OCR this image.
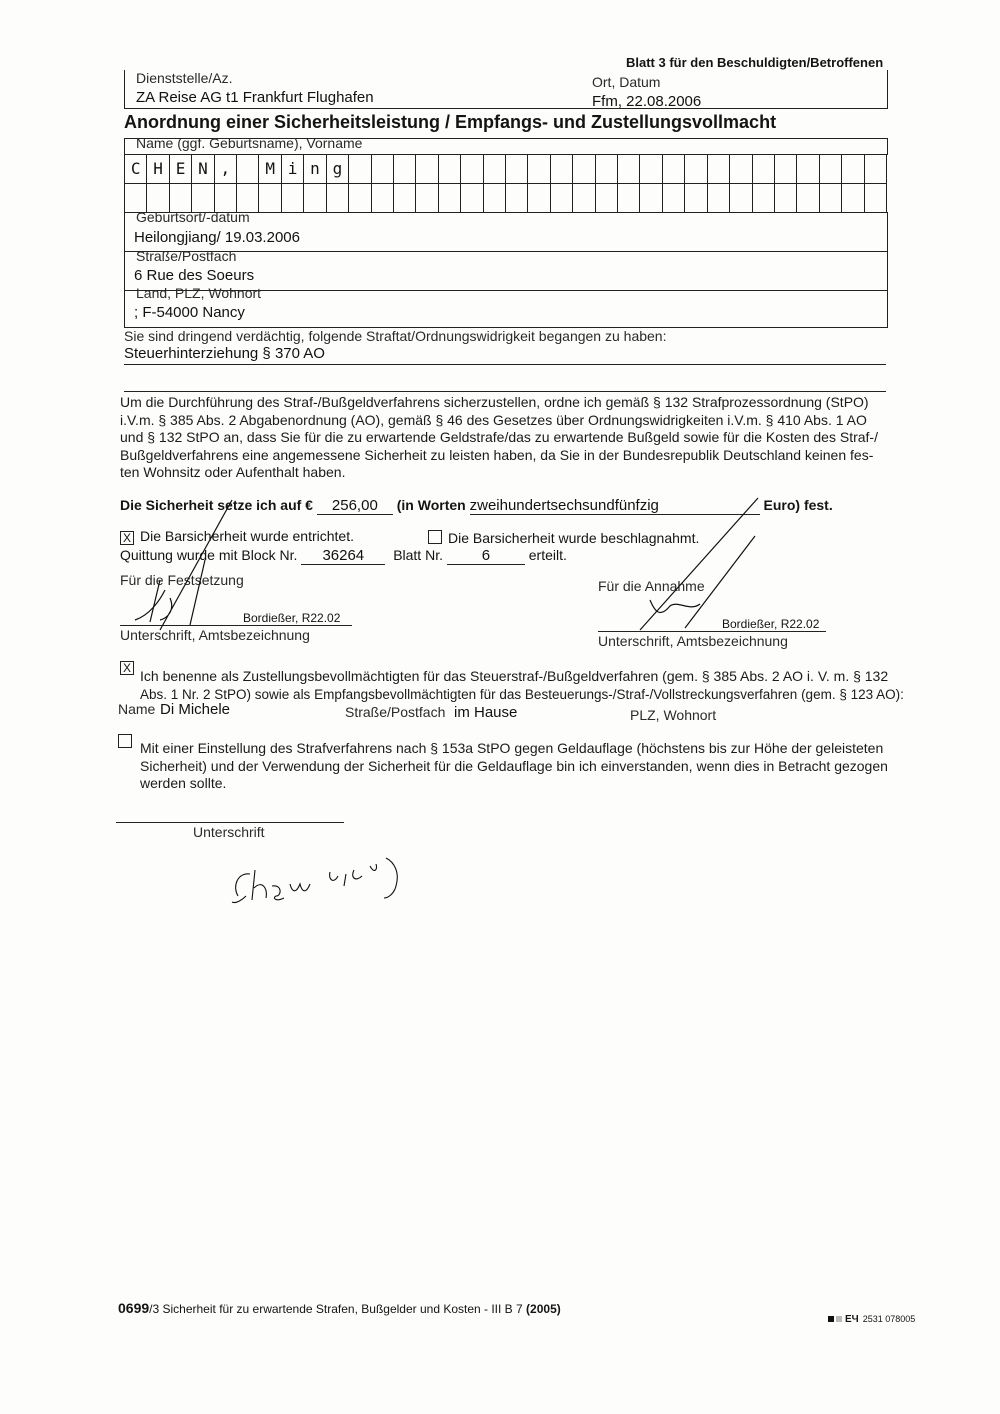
Blatt 3 für den Beschuldigten/Betroffenen
Dienststelle/Az.
ZA Reise AG t1 Frankfurt Flughafen
Ort, Datum
Ffm, 22.08.2006
Anordnung einer Sicherheitsleistung / Empfangs- und Zustellungsvollmacht
Name (ggf. Geburtsname), Vorname
C H E N ,	M i n g
Geburtsort/-datum
Heilongjiang/ 19.03.2006
Straße/Postfach
6 Rue des Soeurs
Land, PLZ, Wohnort
; F-54000 Nancy
Sie sind dringend verdächtig, folgende Straftat/Ordnungswidrigkeit begangen zu haben:
Steuerhinterziehung § 370 AO
Um die Durchführung des Straf-/Bußgeldverfahrens sicherzustellen, ordne ich gemäß § 132 Strafprozessordnung (StPO)
i.V.m. § 385 Abs. 2 Abgabenordnung (AO), gemäß § 46 des Gesetzes über Ordnungswidrigkeiten i.V.m. § 410 Abs. 1 AO
und § 132 StPO an, dass Sie für die zu erwartende Geldstrafe/das zu erwartende Bußgeld sowie für die Kosten des Straf-/
Bußgeldverfahrens eine angemessene Sicherheit zu leisten haben, da Sie in der Bundesrepublik Deutschland keinen fes-
ten Wohnsitz oder Aufenthalt haben.
Die Sicherheit setze ich auf € 256,00 (in Worten zweihundertsechsundfünfzig	Euro) fest.
X Die Barsicherheit wurde entrichtet.	Die Barsicherheit wurde beschlagnahmt.
Quittung wurde mit Block Nr. 36264 Blatt Nr.	6	erteilt.
Für die Festsetzung
Bordießer, R22.02
Unterschrift, Amtsbezeichnung
Für die Annahme
Bordießer, R22.02
Unterschrift, Amtsbezeichnung
X Ich benenne als Zustellungsbevollmächtigten für das Steuerstraf-/Bußgeldverfahren (gem. § 385 Abs. 2 AO i. V. m. § 132
Abs. 1 Nr. 2 StPO) sowie als Empfangsbevollmächtigten für das Besteuerungs-/Straf-/Vollstreckungsverfahren (gem. § 123 AO):
Name Di Michele	Straße/Postfach im Hause	PLZ, Wohnort
Mit einer Einstellung des Strafverfahrens nach § 153a StPO gegen Geldauflage (höchstens bis zur Höhe der geleisteten
Sicherheit) und der Verwendung der Sicherheit für die Geldauflage bin ich einverstanden, wenn dies in Betracht gezogen
werden sollte.
Unterschrift
0699/3 Sicherheit für zu erwartende Strafen, Bußgelder und Kosten - III B 7 (2005)
ЕЧ 2531 078005
